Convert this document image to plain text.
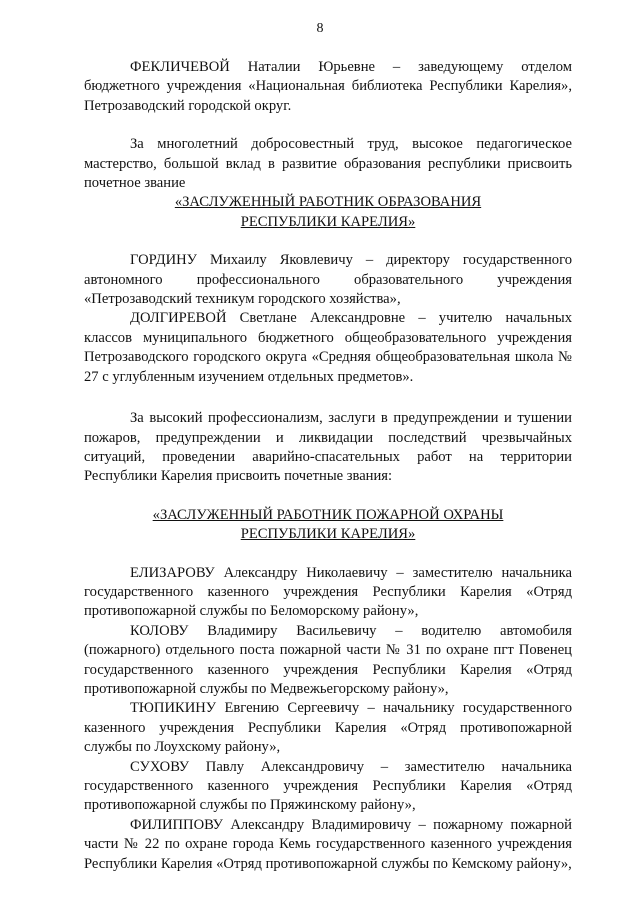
8

ФЕКЛИЧЕВОЙ Наталии Юрьевне – заведующему отделом бюджетного учреждения «Национальная библиотека Республики Карелия», Петрозаводский городской округ.

За многолетний добросовестный труд, высокое педагогическое мастерство, большой вклад в развитие образования республики присвоить почетное звание

«ЗАСЛУЖЕННЫЙ РАБОТНИК ОБРАЗОВАНИЯ
РЕСПУБЛИКИ КАРЕЛИЯ»

ГОРДИНУ Михаилу Яковлевичу – директору государственного автономного профессионального образовательного учреждения «Петрозаводский техникум городского хозяйства»,

ДОЛГИРЕВОЙ Светлане Александровне – учителю начальных классов муниципального бюджетного общеобразовательного учреждения Петрозаводского городского округа «Средняя общеобразовательная школа № 27 с углубленным изучением отдельных предметов».

За высокий профессионализм, заслуги в предупреждении и тушении пожаров, предупреждении и ликвидации последствий чрезвычайных ситуаций, проведении аварийно-спасательных работ на территории Республики Карелия присвоить почетные звания:

«ЗАСЛУЖЕННЫЙ РАБОТНИК ПОЖАРНОЙ ОХРАНЫ
РЕСПУБЛИКИ КАРЕЛИЯ»

ЕЛИЗАРОВУ Александру Николаевичу – заместителю начальника государственного казенного учреждения Республики Карелия «Отряд противопожарной службы по Беломорскому району»,

КОЛОВУ Владимиру Васильевичу – водителю автомобиля (пожарного) отдельного поста пожарной части № 31 по охране пгт Повенец государственного казенного учреждения Республики Карелия «Отряд противопожарной службы по Медвежьегорскому району»,

ТЮПИКИНУ Евгению Сергеевичу – начальнику государственного казенного учреждения Республики Карелия «Отряд противопожарной службы по Лоухскому району»,

СУХОВУ Павлу Александровичу – заместителю начальника государственного казенного учреждения Республики Карелия «Отряд противопожарной службы по Пряжинскому району»,

ФИЛИППОВУ Александру Владимировичу – пожарному пожарной части № 22 по охране города Кемь государственного казенного учреждения Республики Карелия «Отряд противопожарной службы по Кемскому району»,
